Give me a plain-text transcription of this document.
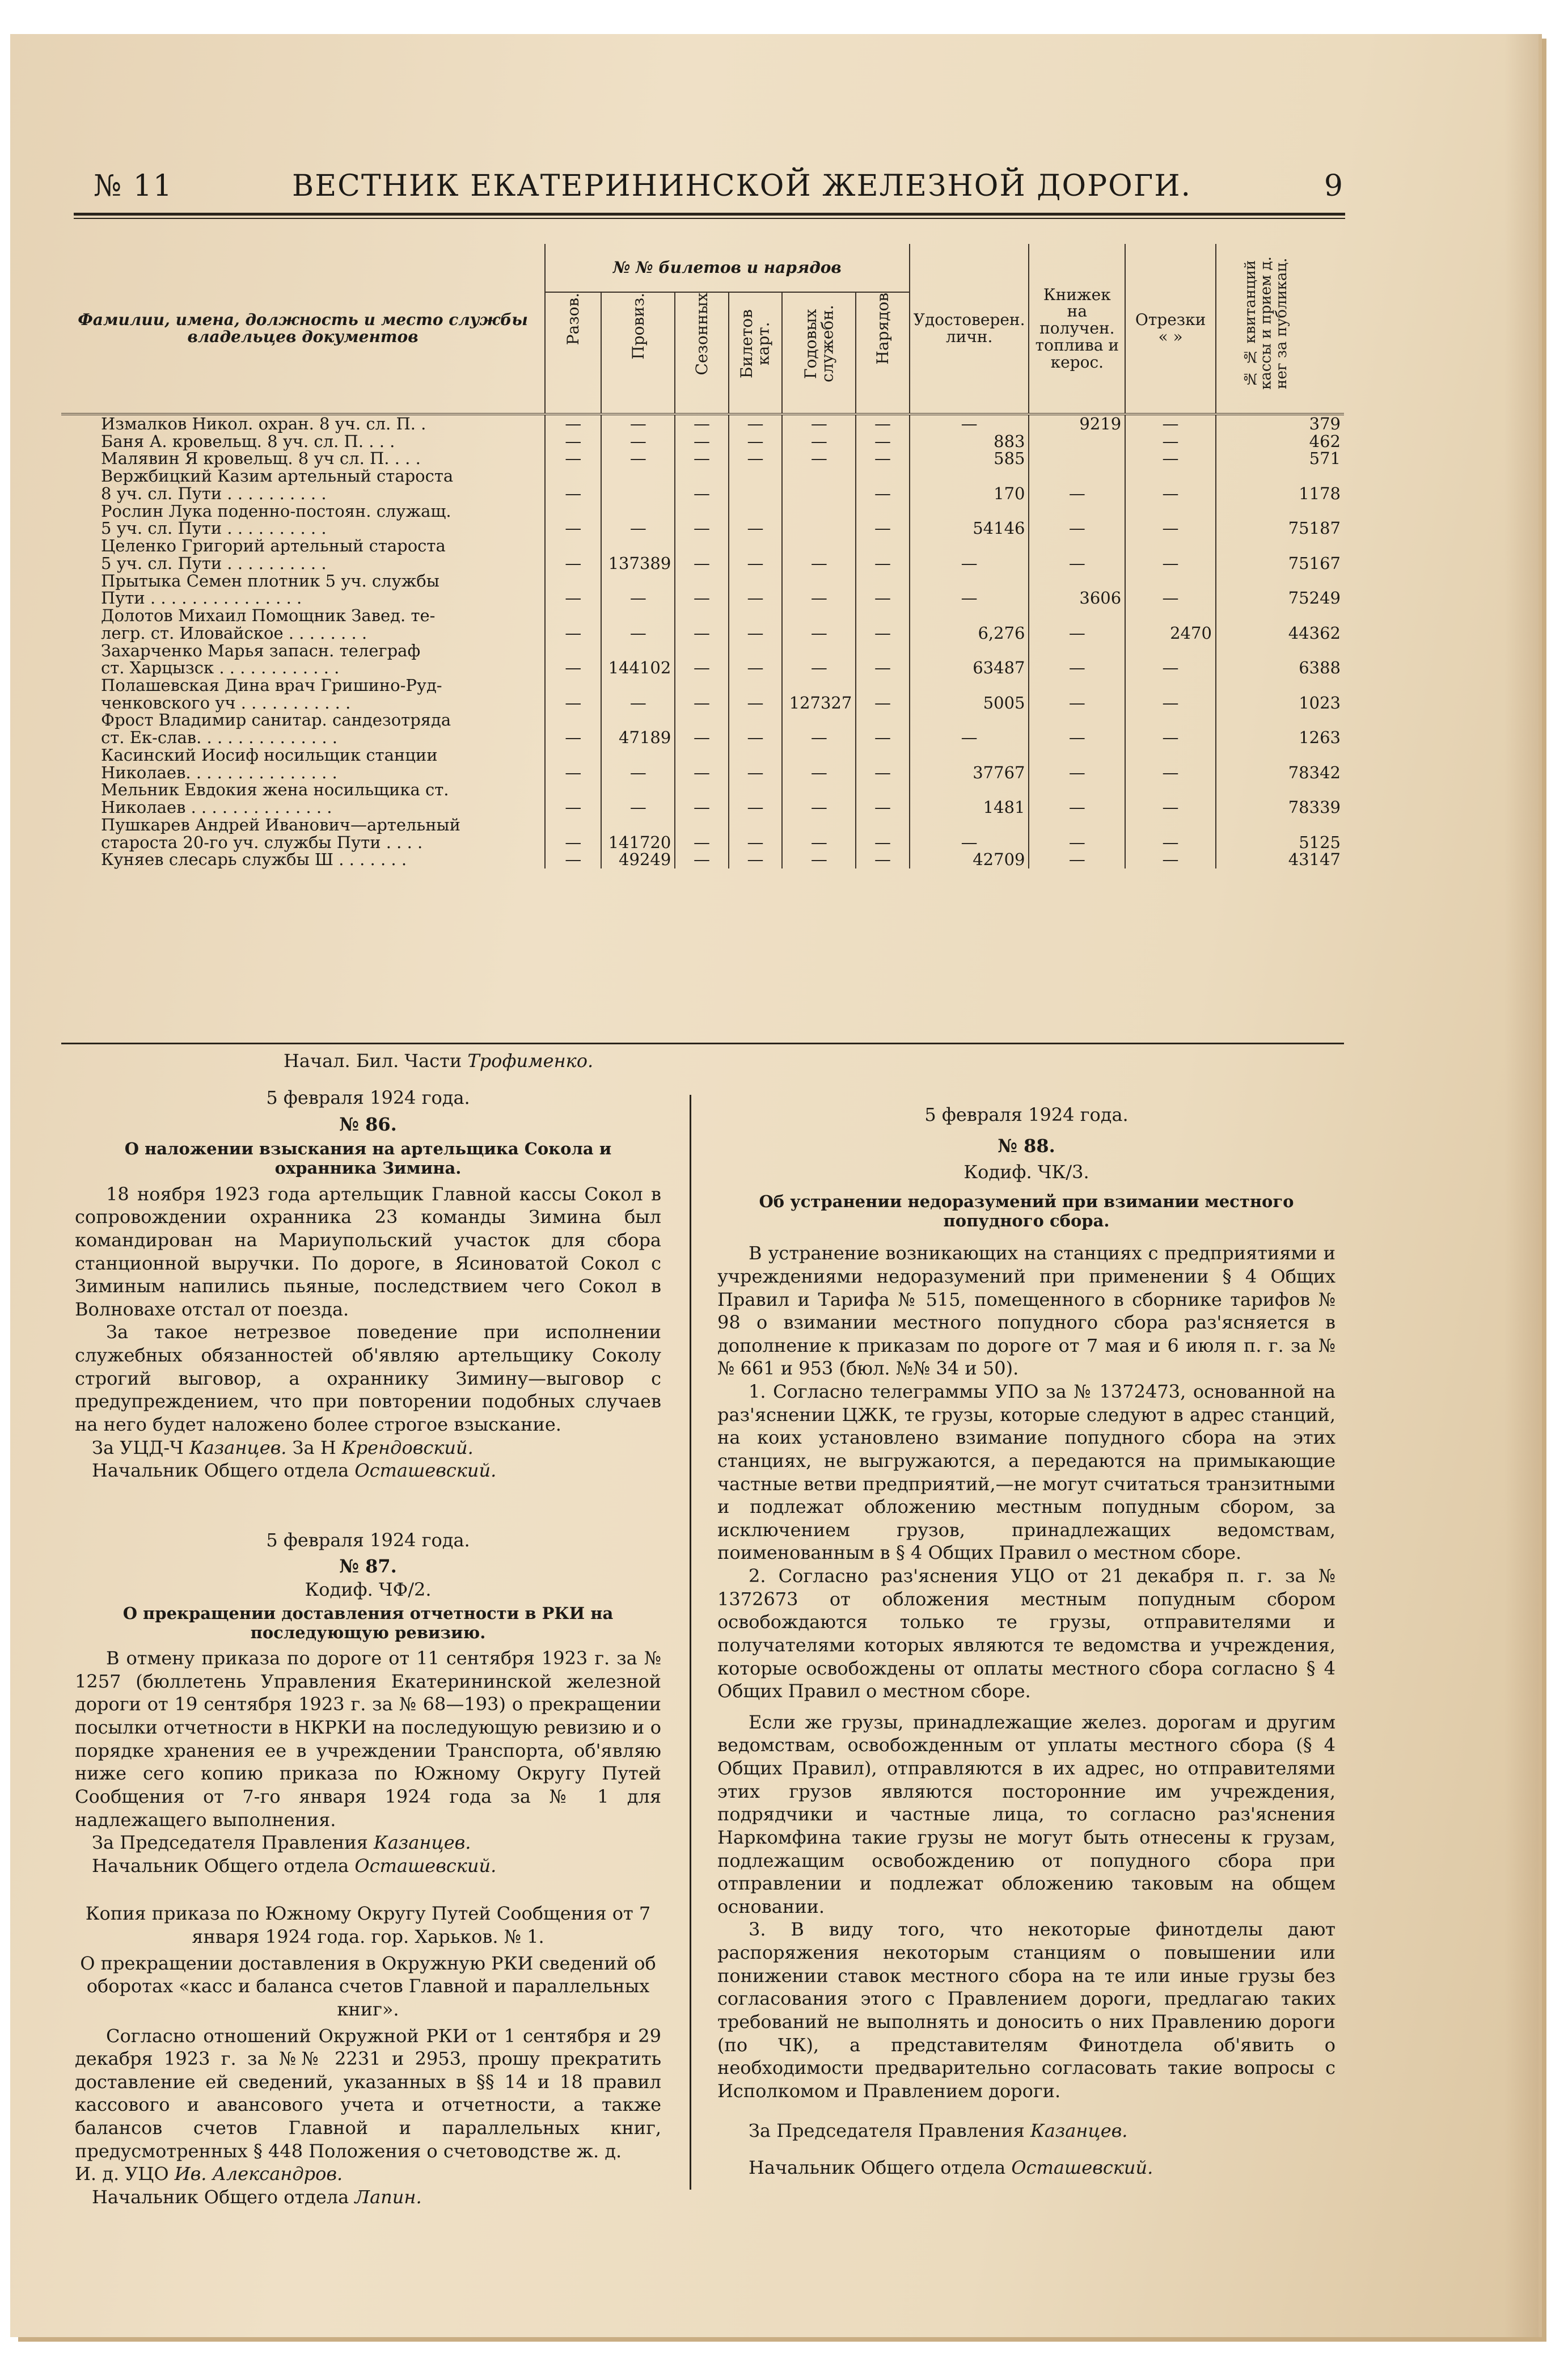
№ 11	ВЕСТНИК ЕКАТЕРИНИНСКОЙ ЖЕЛЕЗНОЙ ДОРОГИ.	9
Фамилии, имена, должность и место службы владельцев документов	№ № билетов и нарядов						Удостоверен. личн.	Книжек на получен. топлива и керос.	Отрезки « »	№ № квитанций кассы и прием д. нег за публикац.

	Разов.	Провиз.	Сезонных	Билетов карт.	Годовых служебн.	Нарядов				

Измалков Никол. охран. 8 уч. сл. П. .	—	—	—	—	—	—	—	9219	—	379
Баня А. кровельщ. 8 уч. сл. П. . . .	—	—	—	—	—	—	883		—	462
Малявин Я кровельщ. 8 уч сл. П. . . .	—	—	—	—	—	—	585		—	571
Вержбицкий Казим артельный староста
8 уч. сл. Пути . . . . . . . . . .	—		—			—	170	—	—	1178
Рослин Лука поденно-постоян. служащ.
5 уч. сл. Пути . . . . . . . . . .	—	—	—	—		—	54146	—	—	75187
Целенко Григорий артельный староста
5 уч. сл. Пути . . . . . . . . . .	—	137389	—	—	—	—	—	—	—	75167
Прытыка Семен плотник 5 уч. службы
Пути . . . . . . . . . . . . . . .	—	—	—	—	—	—	—	3606	—	75249
Долотов Михаил Помощник Завед. те-
легр. ст. Иловайское . . . . . . . .	—	—	—	—	—	—	6,276	—	2470	44362
Захарченко Марья запасн. телеграф
ст. Харцызск . . . . . . . . . . . .	—	144102	—	—	—	—	63487	—	—	6388
Полашевская Дина врач Гришино-Руд-
ченковского уч . . . . . . . . . . .	—	—	—	—	127327	—	5005	—	—	1023
Фрост Владимир санитар. сандезотряда
ст. Ек-слав. . . . . . . . . . . . . .	—	47189	—	—	—	—	—	—	—	1263
Касинский Иосиф носильщик станции
Николаев. . . . . . . . . . . . . . .	—	—	—	—	—	—	37767	—	—	78342
Мельник Евдокия жена носильщика ст.
Николаев . . . . . . . . . . . . . .	—	—	—	—	—	—	1481	—	—	78339
Пушкарев Андрей Иванович—артельный
староста 20-го уч. службы Пути . . . .	—	141720	—	—	—	—	—	—	—	5125
Куняев слесарь службы Ш . . . . . . .	—	49249	—	—	—	—	42709	—	—	43147
Начал. Бил. Части Трофименко.

5 февраля 1924 года.

№ 86.

О наложении взыскания на артельщика Сокола и охранника Зимина.

18 ноября 1923 года артельщик Главной кассы Сокол в сопровождении охранника 23 команды Зимина был командирован на Мариупольский участок для сбора станционной выручки. По дороге, в Ясиноватой Сокол с Зиминым напились пьяные, последствием чего Сокол в Волновахе отстал от поезда.

За такое нетрезвое поведение при исполнении служебных обязанностей об'являю артельщику Соколу строгий выговор, а охраннику Зимину—выговор с предупреждением, что при повторении подобных случаев на него будет наложено более строгое взыскание.

За УЦД-Ч Казанцев. За Н Крендовский.

Начальник Общего отдела Осташевский.

5 февраля 1924 года.

№ 87.

Кодиф. ЧФ/2.

О прекращении доставления отчетности в РКИ на последующую ревизию.

В отмену приказа по дороге от 11 сентября 1923 г. за № 1257 (бюллетень Управления Екатерининской железной дороги от 19 сентября 1923 г. за № 68—193) о прекращении посылки отчетности в НКРКИ на последующую ревизию и о порядке хранения ее в учреждении Транспорта, об'являю ниже сего копию приказа по Южному Округу Путей Сообщения от 7-го января 1924 года за № 1 для надлежащего выполнения.

За Председателя Правления Казанцев.

Начальник Общего отдела Осташевский.

Копия приказа по Южному Округу Путей Сообщения от 7 января 1924 года. гор. Харьков. № 1.

О прекращении доставления в Окружную РКИ сведений об оборотах «касс и баланса счетов Главной и параллельных книг».

Согласно отношений Окружной РКИ от 1 сентября и 29 декабря 1923 г. за №№ 2231 и 2953, прошу прекратить доставление ей сведений, указанных в §§ 14 и 18 правил кассового и авансового учета и отчетности, а также балансов счетов Главной и параллельных книг, предусмотренных § 448 Положения о счетоводстве ж. д.

И. д. УЦО Ив. Александров.

Начальник Общего отдела Лапин.

5 февраля 1924 года.

№ 88.

Кодиф. ЧК/3.

Об устранении недоразумений при взимании местного попудного сбора.

В устранение возникающих на станциях с предприятиями и учреждениями недоразумений при применении § 4 Общих Правил и Тарифа № 515, помещенного в сборнике тарифов № 98 о взимании местного попудного сбора раз'ясняется в дополнение к приказам по дороге от 7 мая и 6 июля п. г. за №№ 661 и 953 (бюл. №№ 34 и 50).

1. Согласно телеграммы УПО за № 1372473, основанной на раз'яснении ЦЖК, те грузы, которые следуют в адрес станций, на коих установлено взимание попудного сбора на этих станциях, не выгружаются, а передаются на примыкающие частные ветви предприятий,—не могут считаться транзитными и подлежат обложению местным попудным сбором, за исключением грузов, принадлежащих ведомствам, поименованным в § 4 Общих Правил о местном сборе.

2. Согласно раз'яснения УЦО от 21 декабря п. г. за № 1372673 от обложения местным попудным сбором освобождаются только те грузы, отправителями и получателями которых являются те ведомства и учреждения, которые освобождены от оплаты местного сбора согласно § 4 Общих Правил о местном сборе.

Если же грузы, принадлежащие желез. дорогам и другим ведомствам, освобожденным от уплаты местного сбора (§ 4 Общих Правил), отправляются в их адрес, но отправителями этих грузов являются посторонние им учреждения, подрядчики и частные лица, то согласно раз'яснения Наркомфина такие грузы не могут быть отнесены к грузам, подлежащим освобождению от попудного сбора при отправлении и подлежат обложению таковым на общем основании.

3. В виду того, что некоторые финотделы дают распоряжения некоторым станциям о повышении или понижении ставок местного сбора на те или иные грузы без согласования этого с Правлением дороги, предлагаю таких требований не выполнять и доносить о них Правлению дороги (по ЧК), а представителям Финотдела об'явить о необходимости предварительно согласовать такие вопросы с Исполкомом и Правлением дороги.

За Председателя Правления Казанцев.

Начальник Общего отдела Осташевский.
